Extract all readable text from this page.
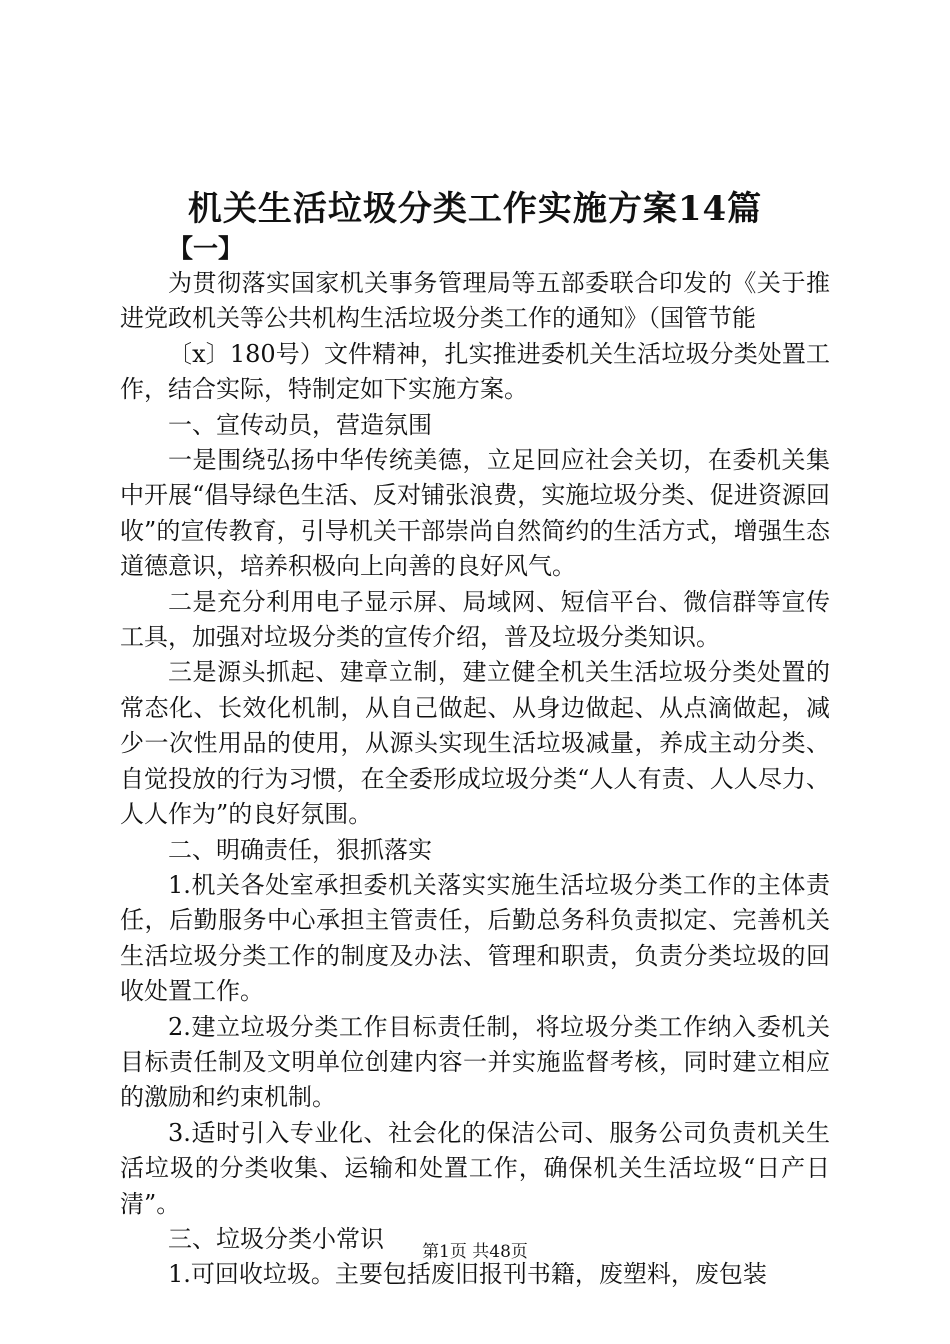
机关生活垃圾分类工作实施方案14篇
【一】

为贯彻落实国家机关事务管理局等五部委联合印发的《关于推进党政机关等公共机构生活垃圾分类工作的通知》（国管节能

〔x〕180号）文件精神，扎实推进委机关生活垃圾分类处置工作，结合实际，特制定如下实施方案。

一、宣传动员，营造氛围

一是围绕弘扬中华传统美德，立足回应社会关切，在委机关集中开展“倡导绿色生活、反对铺张浪费，实施垃圾分类、促进资源回收”的宣传教育，引导机关干部崇尚自然简约的生活方式，增强生态道德意识，培养积极向上向善的良好风气。

二是充分利用电子显示屏、局域网、短信平台、微信群等宣传工具，加强对垃圾分类的宣传介绍，普及垃圾分类知识。

三是源头抓起、建章立制，建立健全机关生活垃圾分类处置的常态化、长效化机制，从自己做起、从身边做起、从点滴做起，减少一次性用品的使用，从源头实现生活垃圾减量，养成主动分类、自觉投放的行为习惯，在全委形成垃圾分类“人人有责、人人尽力、人人作为”的良好氛围。

二、明确责任，狠抓落实

1.机关各处室承担委机关落实实施生活垃圾分类工作的主体责任，后勤服务中心承担主管责任，后勤总务科负责拟定、完善机关生活垃圾分类工作的制度及办法、管理和职责，负责分类垃圾的回收处置工作。

2.建立垃圾分类工作目标责任制，将垃圾分类工作纳入委机关目标责任制及文明单位创建内容一并实施监督考核，同时建立相应的激励和约束机制。

3.适时引入专业化、社会化的保洁公司、服务公司负责机关生活垃圾的分类收集、运输和处置工作，确保机关生活垃圾“日产日清”。

三、垃圾分类小常识

1.可回收垃圾。主要包括废旧报刊书籍，废塑料，废包装

第1页 共48页
